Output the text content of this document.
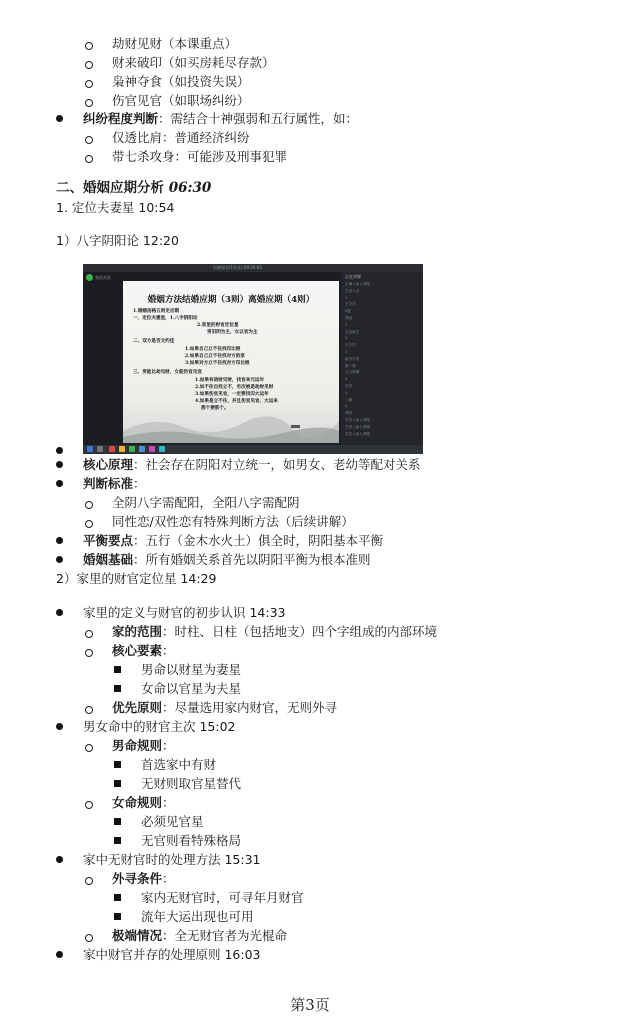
劫财见财（本课重点）
财来破印（如买房耗尽存款）
枭神夺食（如投资失误）
伤官见官（如职场纠纷）
纠纷程度判断：需结合十神强弱和五行属性，如：
仅透比肩：普通经济纠纷
带七杀攻身：可能涉及刑事犯罪
二、婚姻应期分析 06:30
1. 定位夫妻星 10:54
1）八字阴阳论 12:20
回溯保存(1作业) 00:00:00
张信凡好
婚姻方法结婚应期（3则）离婚应期（4则）
1.婚姻信格五则定应期
一、定位夫妻星，1.八字阴阳论
2.家里的财官定位星
男旧阴为主，女以官为主
二、双方是否文约佳
1.如果自己立不住找印比根
2.如果自己立不住找对方的家
3.如果对方立不住找对方印比根
三、男能比劫见财，女能伤官见官
1.如果有劫财见财，找官来元运年
2.如不住自找立不，另次被是劫财见财
3.如果伤官见官，一定要找印大运年
4.如果是立不住，并且伤官见官，大运来
那个要那个。
正在讲课
正确 | 参入课程
主讲八字
1
王宇学
0级
课表
1
五运新生
1
王宇学
1
新学学员
第一课
五五网课
1
学员
1
二级
0
课程
学员 | 参入课程
学员 | 参入课程
学员 | 参入课程
核心原理：社会存在阴阳对立统一，如男女、老幼等配对关系
判断标准：
全阴八字需配阳，全阳八字需配阴
同性恋/双性恋有特殊判断方法（后续讲解）
平衡要点：五行（金木水火土）俱全时，阴阳基本平衡
婚姻基础：所有婚姻关系首先以阴阳平衡为根本准则
2）家里的财官定位星 14:29
家里的定义与财官的初步认识 14:33
家的范围：时柱、日柱（包括地支）四个字组成的内部环境
核心要素：
男命以财星为妻星
女命以官星为夫星
优先原则：尽量选用家内财官，无则外寻
男女命中的财官主次 15:02
男命规则：
首选家中有财
无财则取官星替代
女命规则：
必须见官星
无官则看特殊格局
家中无财官时的处理方法 15:31
外寻条件：
家内无财官时，可寻年月财官
流年大运出现也可用
极端情况：全无财官者为光棍命
家中财官并存的处理原则 16:03
第3页
